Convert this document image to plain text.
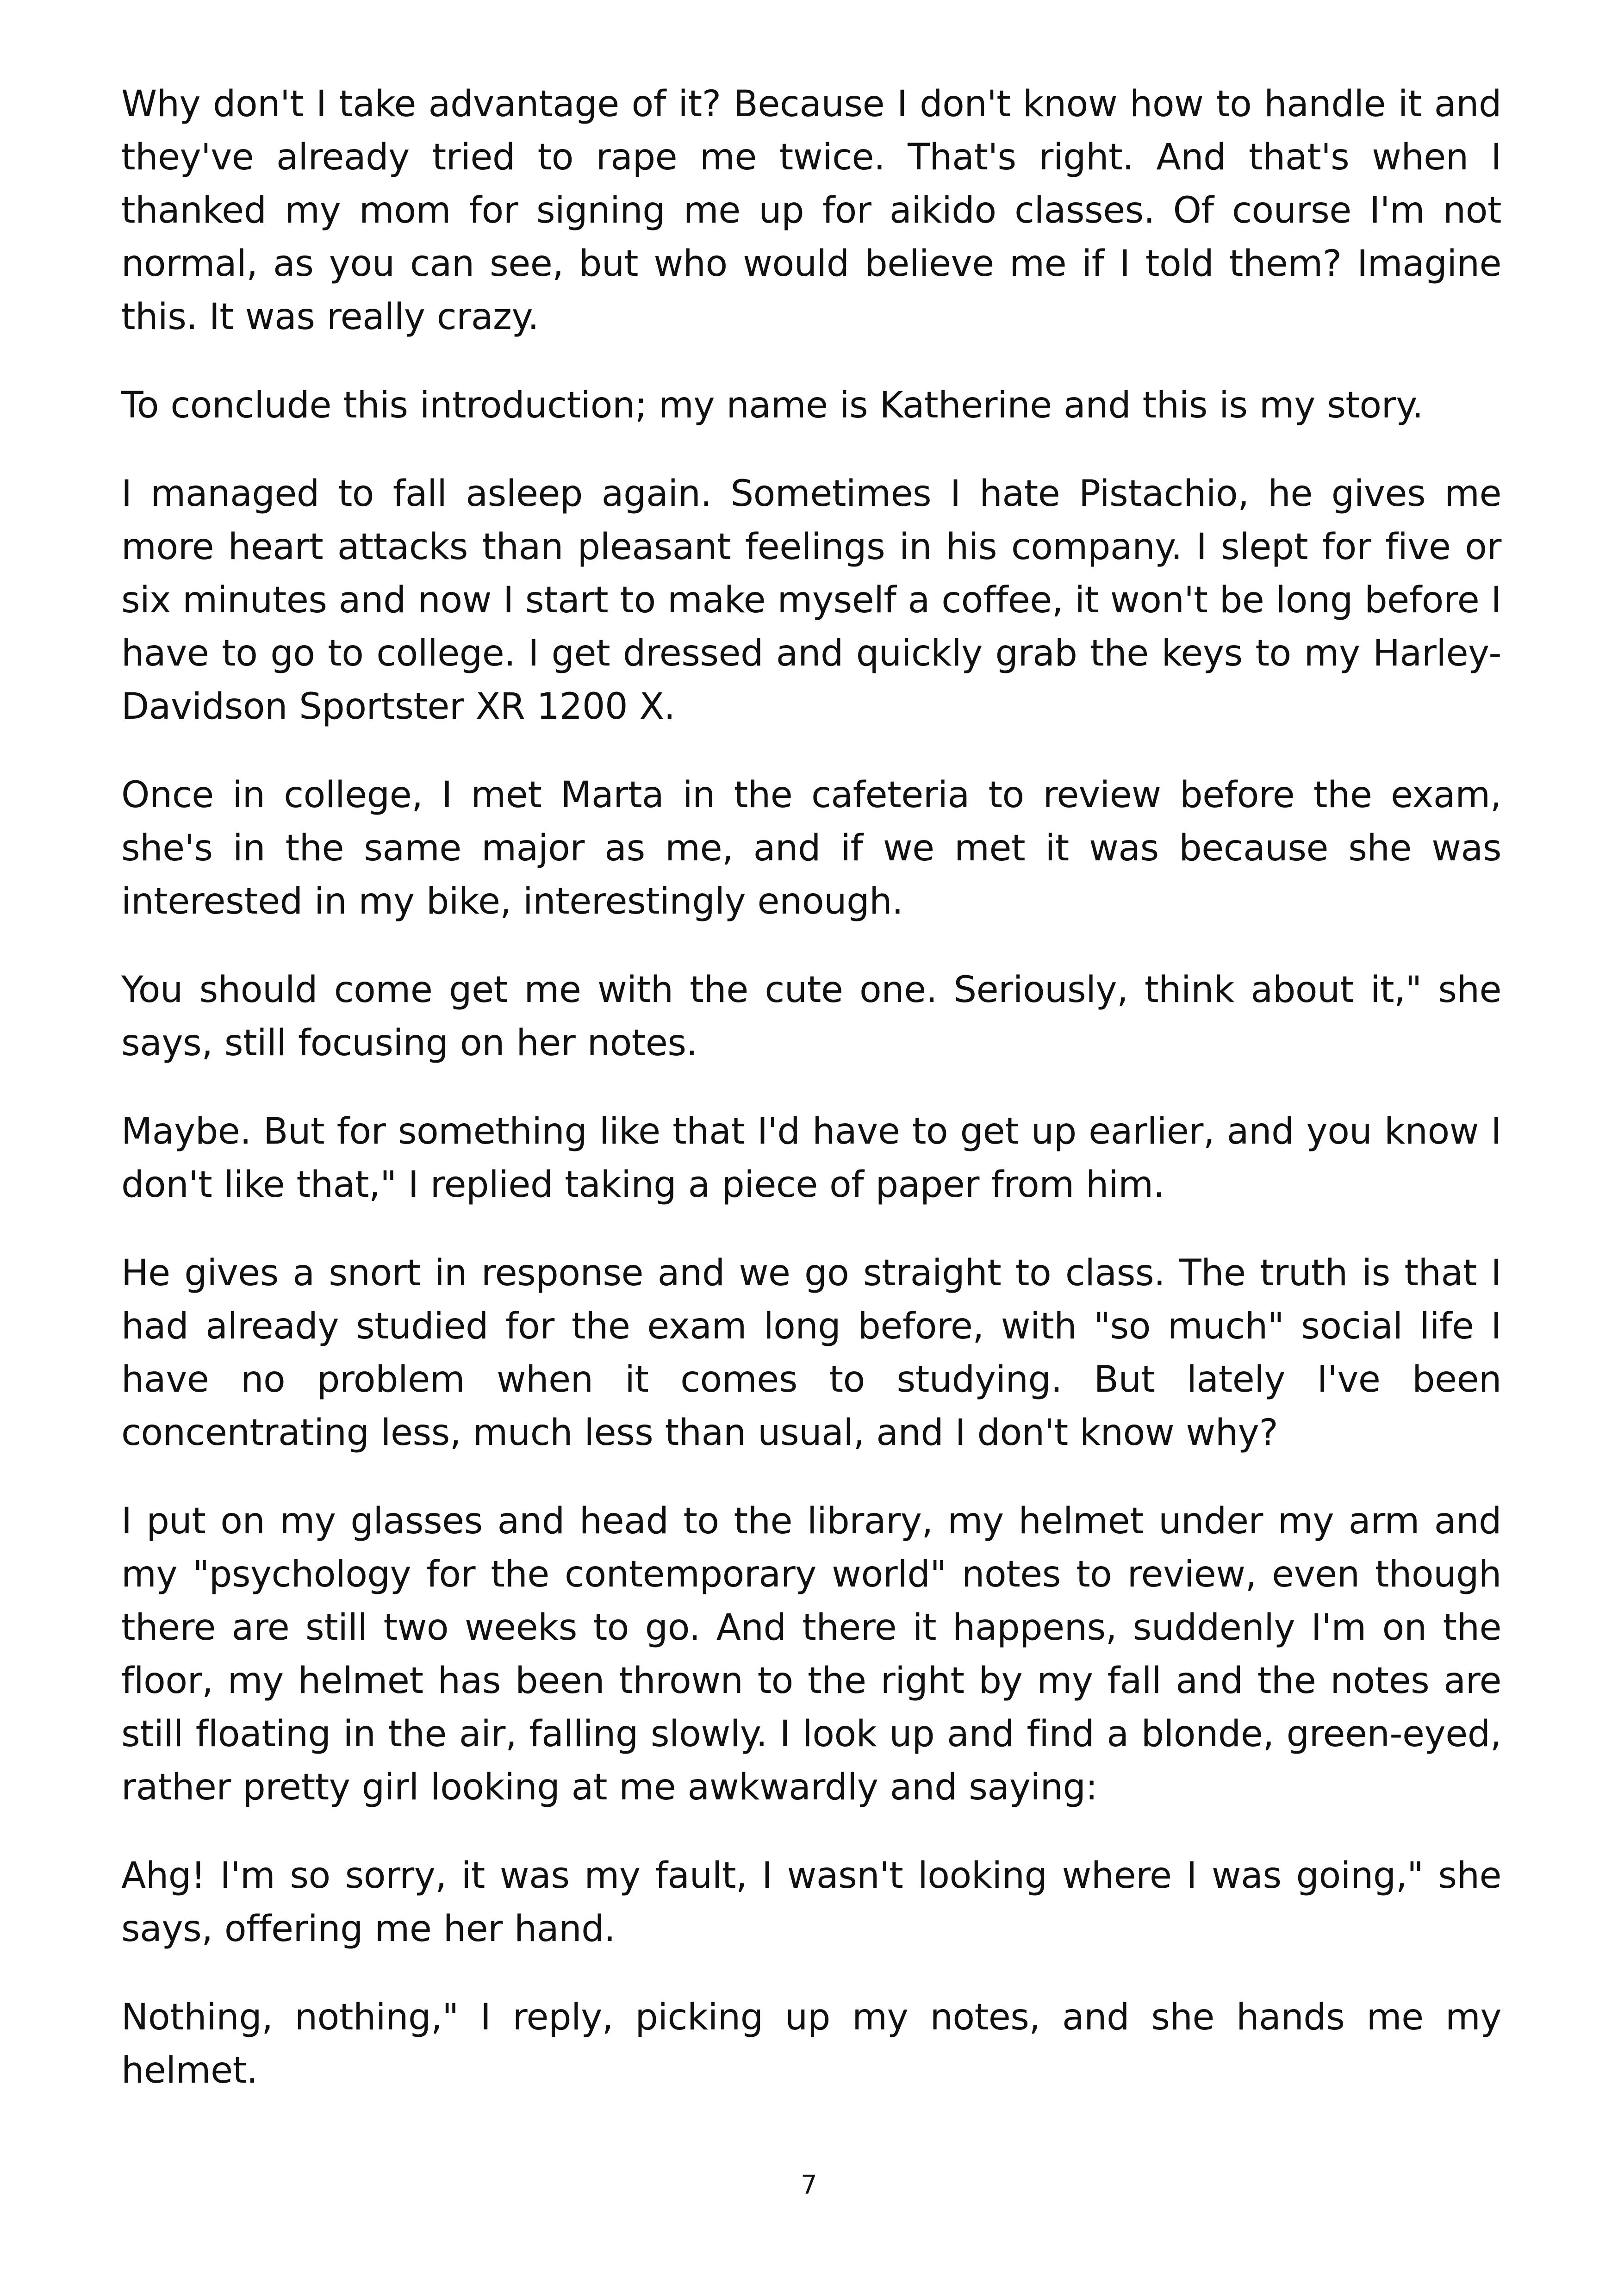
Why don't I take advantage of it? Because I don't know how to handle it and they've already tried to rape me twice. That's right. And that's when I thanked my mom for signing me up for aikido classes. Of course I'm not normal, as you can see, but who would believe me if I told them? Imagine this. It was really crazy.

To conclude this introduction; my name is Katherine and this is my story.

I managed to fall asleep again. Sometimes I hate Pistachio, he gives me more heart attacks than pleasant feelings in his company. I slept for five or six minutes and now I start to make myself a coffee, it won't be long before I have to go to college. I get dressed and quickly grab the keys to my Harley-Davidson Sportster XR 1200 X.

Once in college, I met Marta in the cafeteria to review before the exam, she's in the same major as me, and if we met it was because she was interested in my bike, interestingly enough.

You should come get me with the cute one. Seriously, think about it," she says, still focusing on her notes.

Maybe. But for something like that I'd have to get up earlier, and you know I don't like that," I replied taking a piece of paper from him.

He gives a snort in response and we go straight to class. The truth is that I had already studied for the exam long before, with "so much" social life I have no problem when it comes to studying. But lately I've been concentrating less, much less than usual, and I don't know why?

I put on my glasses and head to the library, my helmet under my arm and my "psychology for the contemporary world" notes to review, even though there are still two weeks to go. And there it happens, suddenly I'm on the floor, my helmet has been thrown to the right by my fall and the notes are still floating in the air, falling slowly. I look up and find a blonde, green-eyed, rather pretty girl looking at me awkwardly and saying:

Ahg! I'm so sorry, it was my fault, I wasn't looking where I was going," she says, offering me her hand.

Nothing, nothing," I reply, picking up my notes, and she hands me my helmet.

7
